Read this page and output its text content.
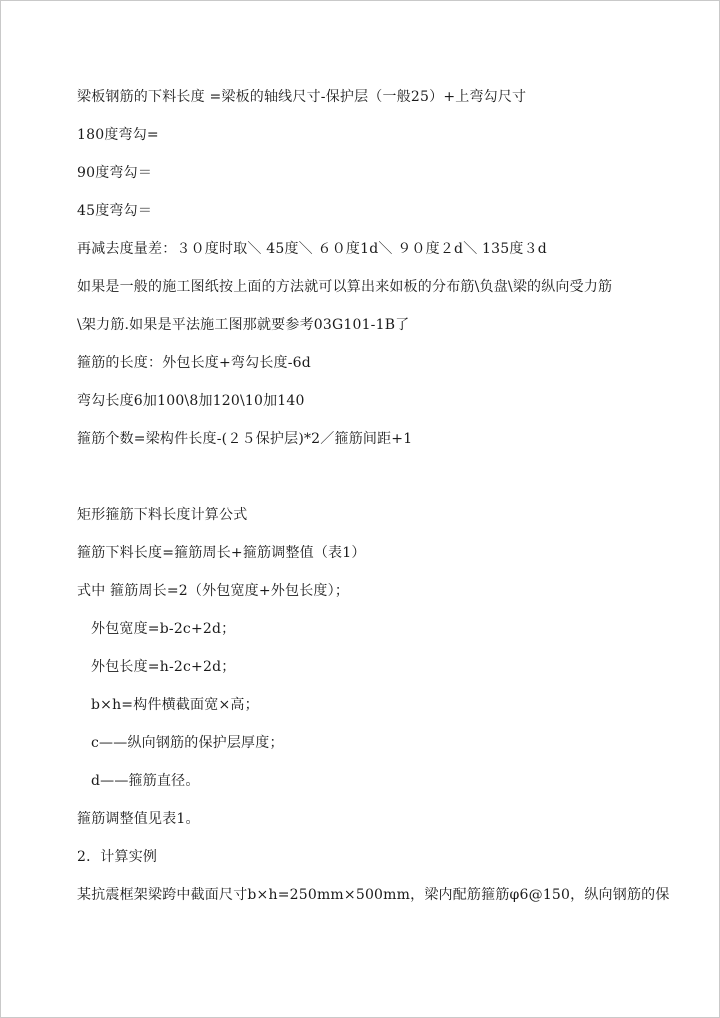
梁板钢筋的下料长度 =梁板的轴线尺寸-保护层（一般25）+上弯勾尺寸
180度弯勾=
90度弯勾＝
45度弯勾＝
再减去度量差：３０度时取＼ 45度＼ ６０度1d＼ ９０度２d＼ 135度３d
如果是一般的施工图纸按上面的方法就可以算出来如板的分布筋\负盘\梁的纵向受力筋
\架力筋.如果是平法施工图那就要参考03G101-1B了
箍筋的长度：外包长度+弯勾长度-6d
弯勾长度6加100\8加120\10加140
箍筋个数=梁构件长度-(２５保护层)*2／箍筋间距+1
矩形箍筋下料长度计算公式
箍筋下料长度=箍筋周长+箍筋调整值（表1）
式中 箍筋周长=2（外包宽度+外包长度）；
外包宽度=b-2c+2d；
外包长度=h-2c+2d；
b×h=构件横截面宽×高；
c——纵向钢筋的保护层厚度；
d——箍筋直径。
箍筋调整值见表1。
2．计算实例
某抗震框架梁跨中截面尺寸b×h=250mm×500mm，梁内配筋箍筋φ6@150，纵向钢筋的保
